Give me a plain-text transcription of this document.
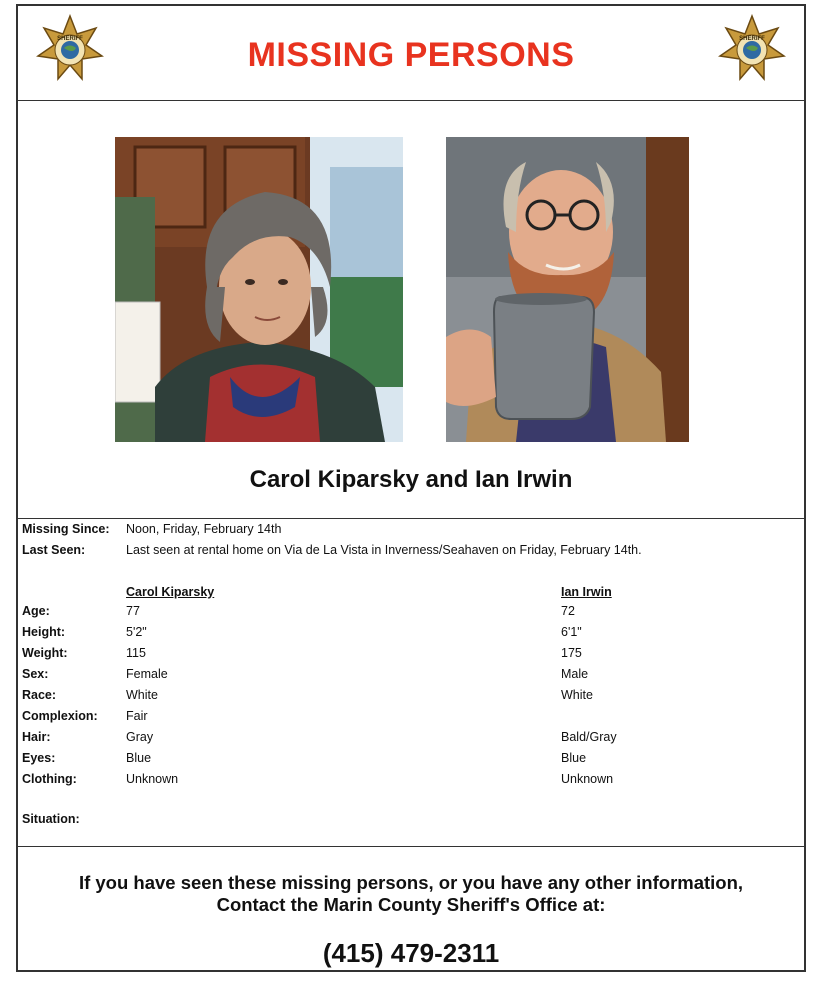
SHERIFF	MISSING PERSONS	SHERIFF
Carol Kiparsky and Ian Irwin
Missing Since: Noon, Friday, February 14th
Last Seen:	Last seen at rental home on Via de La Vista in Inverness/Seahaven on Friday, February 14th.
Carol Kiparsky	Ian Irwin
Age:	77	72
Height:	5'2"	6'1"
Weight:	115	175
Sex:	Female	Male
Race:	White	White
Complexion: Fair
Hair:	Gray	Bald/Gray
Eyes:	Blue	Blue
Clothing:	Unknown	Unknown
Situation:
If you have seen these missing persons, or you have any other information,
Contact the Marin County Sheriff's Office at:
(415) 479-2311
